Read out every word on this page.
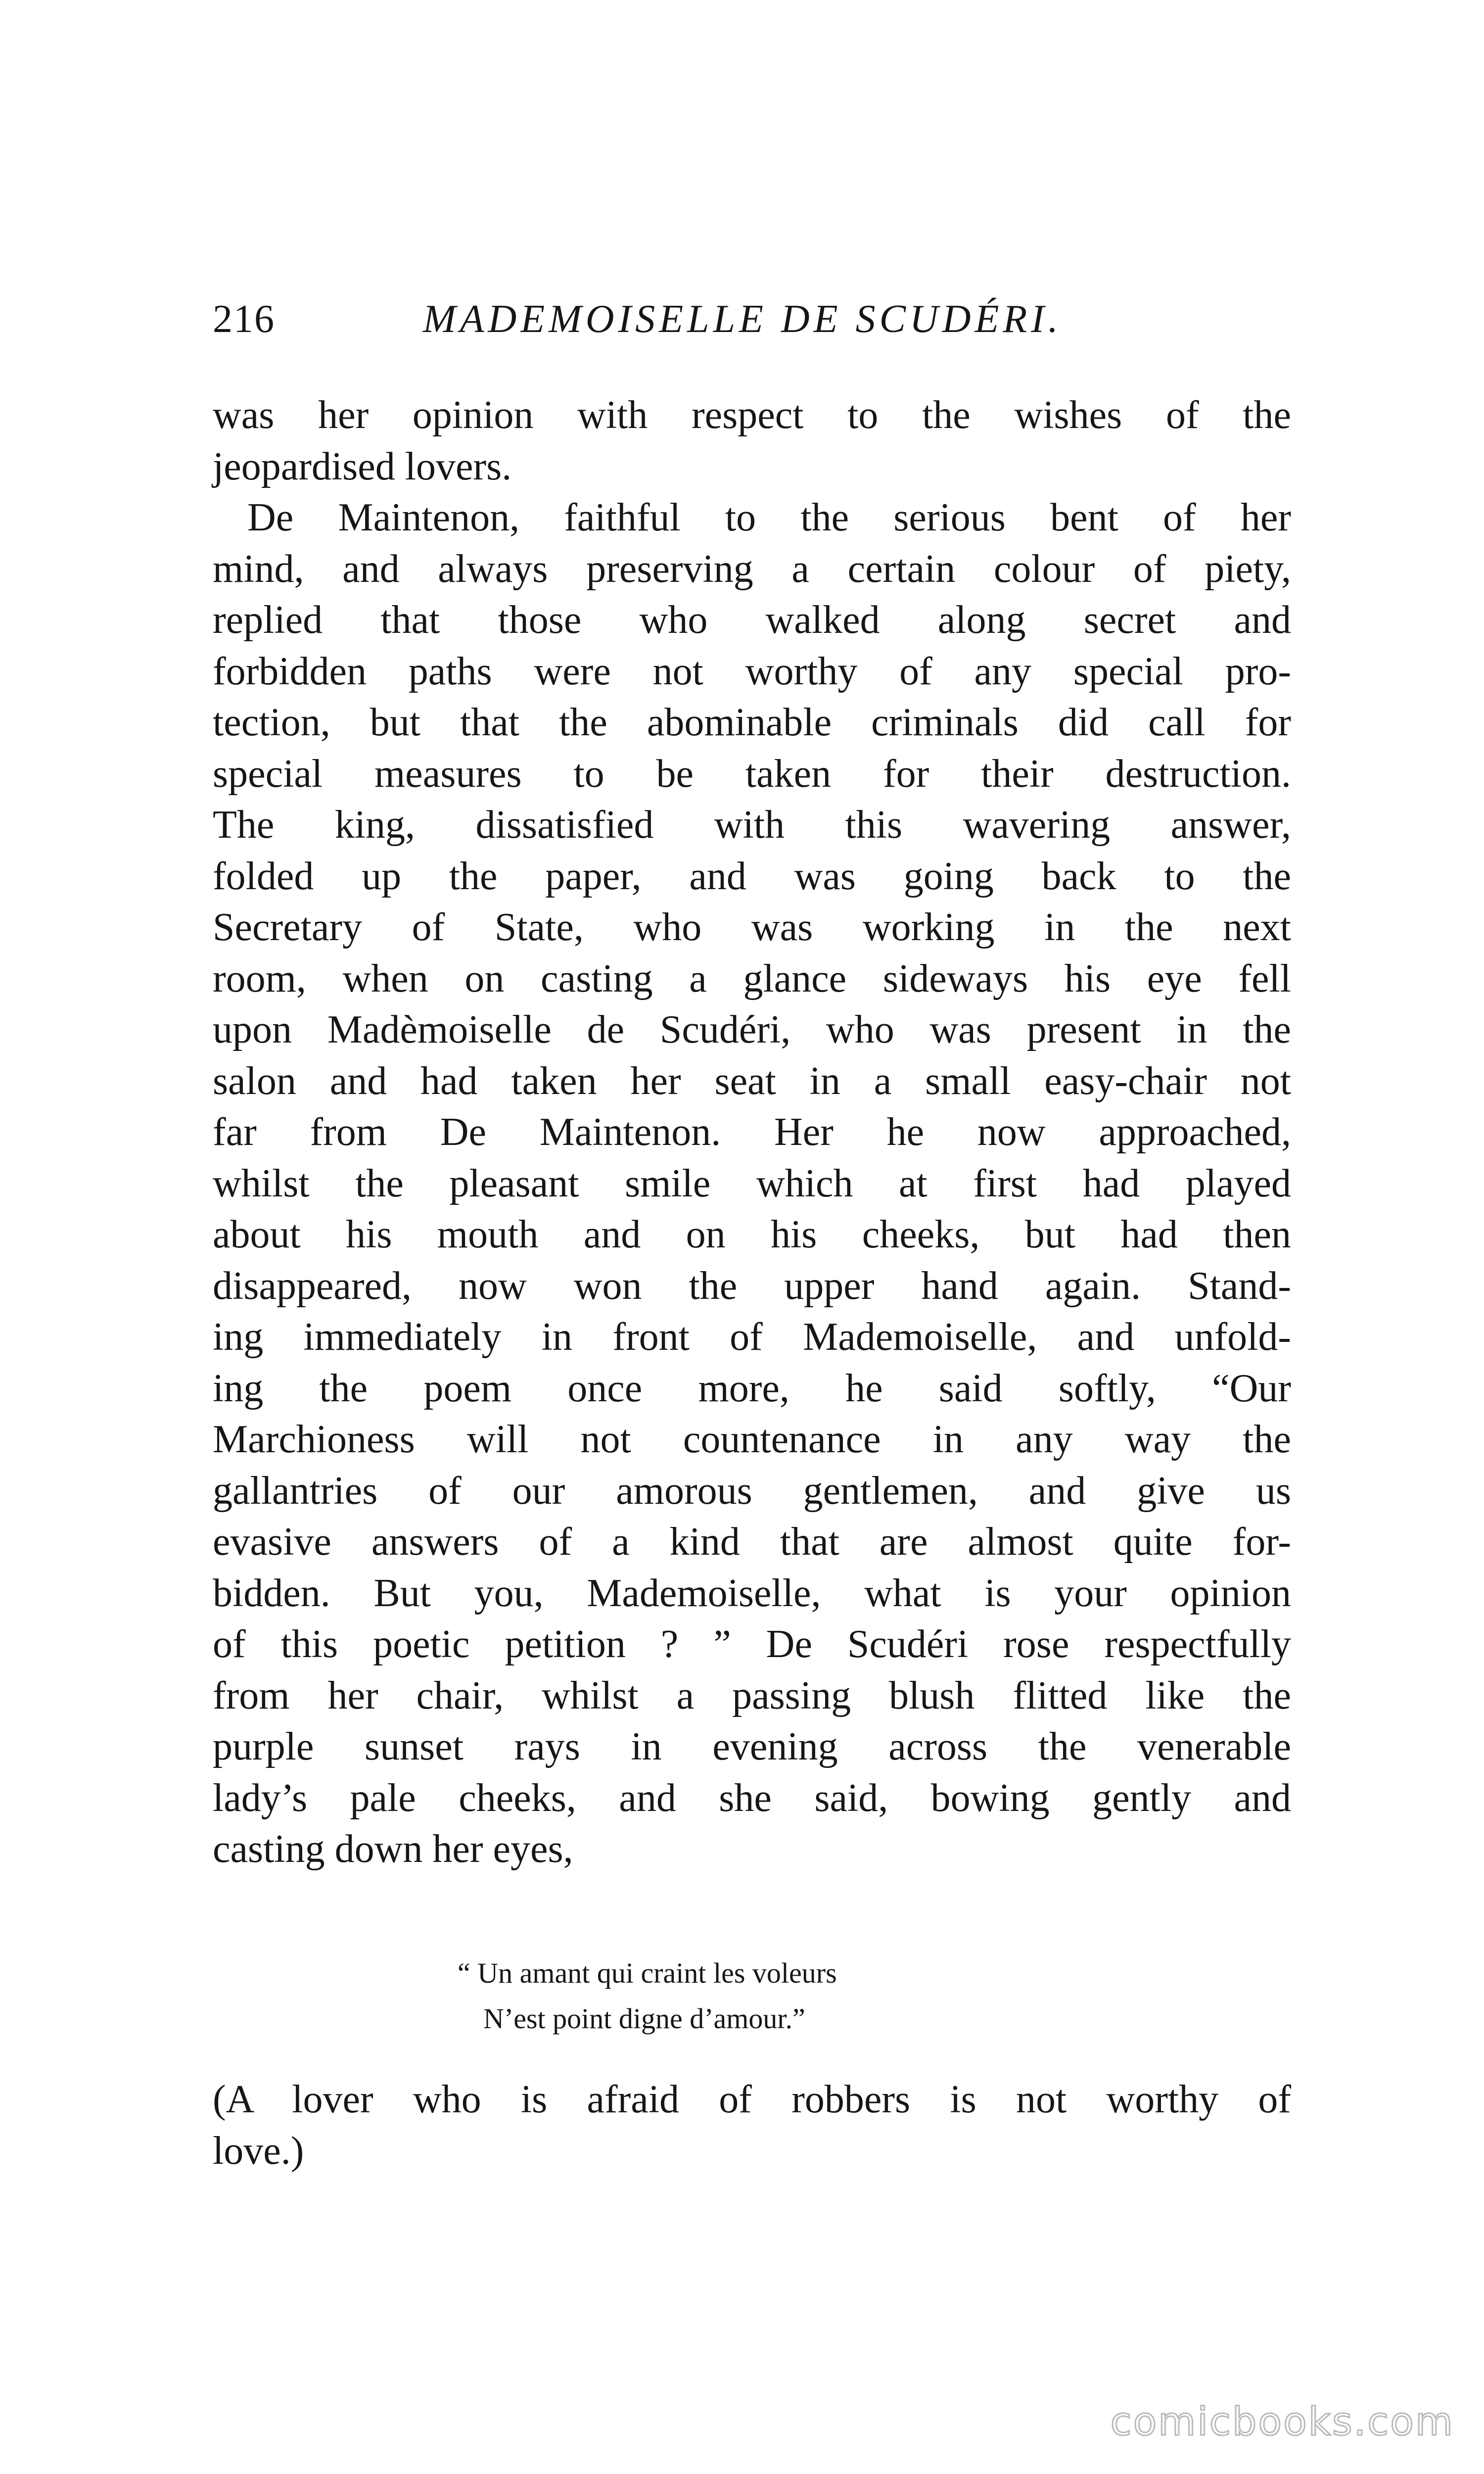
216	MADEMOISELLE DE SCUDÉRI.
was her opinion with respect to the wishes of the
jeopardised lovers.
De Maintenon, faithful to the serious bent of her
mind, and always preserving a certain colour of piety,
replied that those who walked along secret and
forbidden paths were not worthy of any special pro-
tection, but that the abominable criminals did call for
special measures to be taken for their destruction.
The king, dissatisfied with this wavering answer,
folded up the paper, and was going back to the
Secretary of State, who was working in the next
room, when on casting a glance sideways his eye fell
upon Madèmoiselle de Scudéri, who was present in the
salon and had taken her seat in a small easy-chair not
far from De Maintenon. Her he now approached,
whilst the pleasant smile which at first had played
about his mouth and on his cheeks, but had then
disappeared, now won the upper hand again. Stand-
ing immediately in front of Mademoiselle, and unfold-
ing the poem once more, he said softly, “Our
Marchioness will not countenance in any way the
gallantries of our amorous gentlemen, and give us
evasive answers of a kind that are almost quite for-
bidden. But you, Mademoiselle, what is your opinion
of this poetic petition ? ” De Scudéri rose respectfully
from her chair, whilst a passing blush flitted like the
purple sunset rays in evening across the venerable
lady’s pale cheeks, and she said, bowing gently and
casting down her eyes,
“ Un amant qui craint les voleurs
N’est point digne d’amour.”
(A lover who is afraid of robbers is not worthy of
love.)
comicbooks.com
